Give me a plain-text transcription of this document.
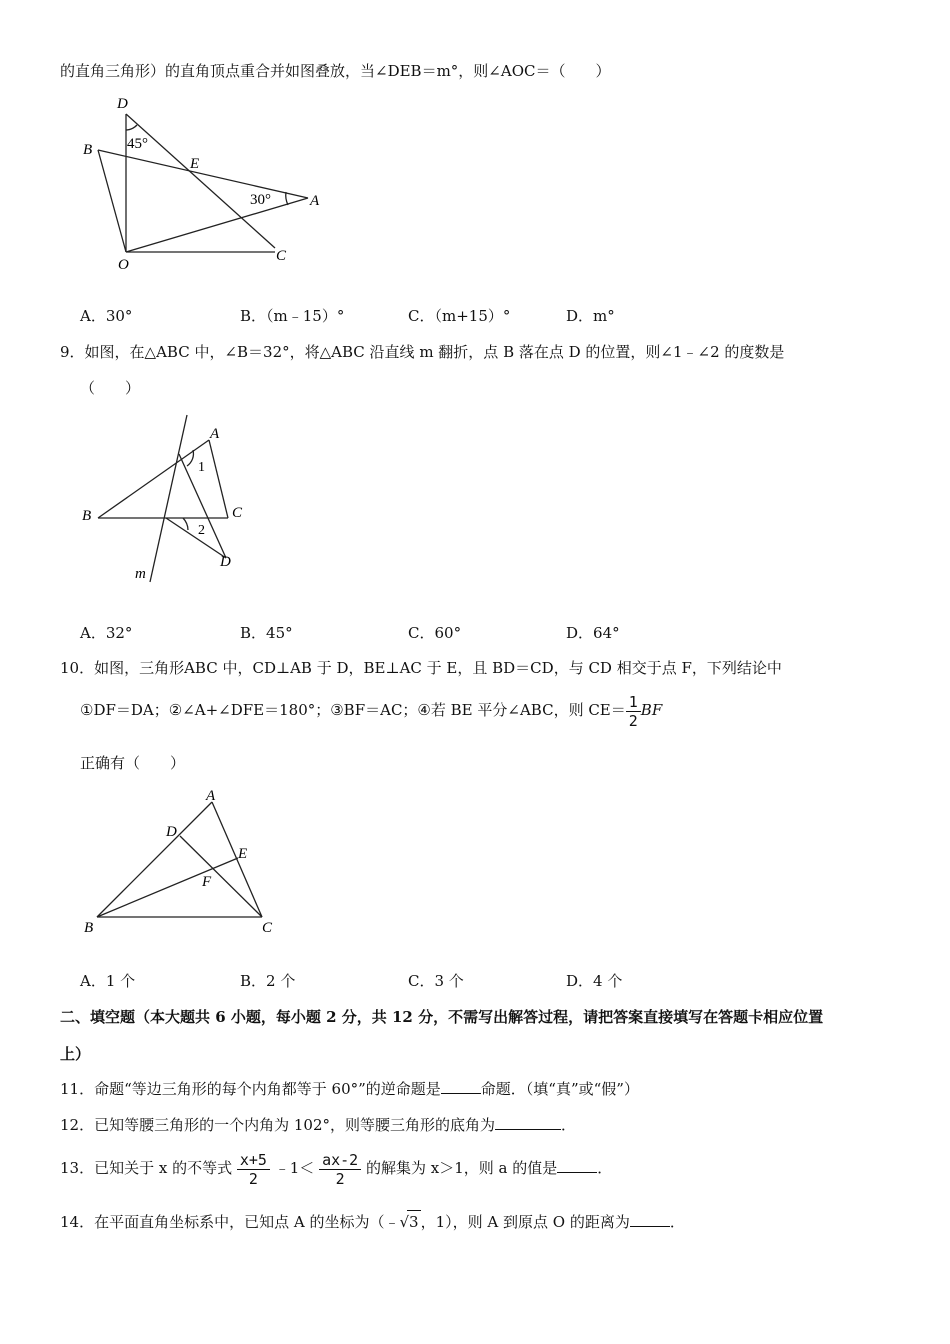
的直角三角形）的直角顶点重合并如图叠放，当∠DEB＝m°，则∠AOC＝（　　）
D
B
E
A
O
C
45°
30°
A．30°	B．（m﹣15）°	C．（m+15）°	D．m°
9．如图，在△ABC 中，∠B＝32°，将△ABC 沿直线 m 翻折，点 B 落在点 D 的位置，则∠1﹣∠2 的度数是
（　　）
A
B	C
D
m
1
2
A．32°	B．45°	C．60°	D．64°
10．如图，三角形ABC 中，CD⊥AB 于 D，BE⊥AC 于 E，且 BD＝CD，与 CD 相交于点 F，下列结论中
①DF＝DA；②∠A+∠DFE＝180°；③BF＝AC；④若 BE 平分∠ABC，则 $CE= \frac{1}{2}$ BF
正确有（　　）
A
D
E
F
B	C
A．1 个	B．2 个	C．3 个	D．4 个
二、填空题（本大题共 6 小题，每小题 2 分，共 12 分，不需写出解答过程，请把答案直接填写在答题卡相应位置
上）
11．命题“等边三角形的每个内角都等于 60°”的逆命题是	命题．（填“真”或“假”）
12．已知等腰三角形的一个内角为 102°，则等腰三角形的底角为	．
13．已知关于 x 的不等式 $\frac{x+5}{2}$ ﹣1＜ $\frac{ax-2}{2}$ 的解集为 x＞1，则 a 的值是	．
14．在平面直角坐标系中，已知点 A 的坐标为（﹣√3 ，1），则 A 到原点 O 的距离为	．
